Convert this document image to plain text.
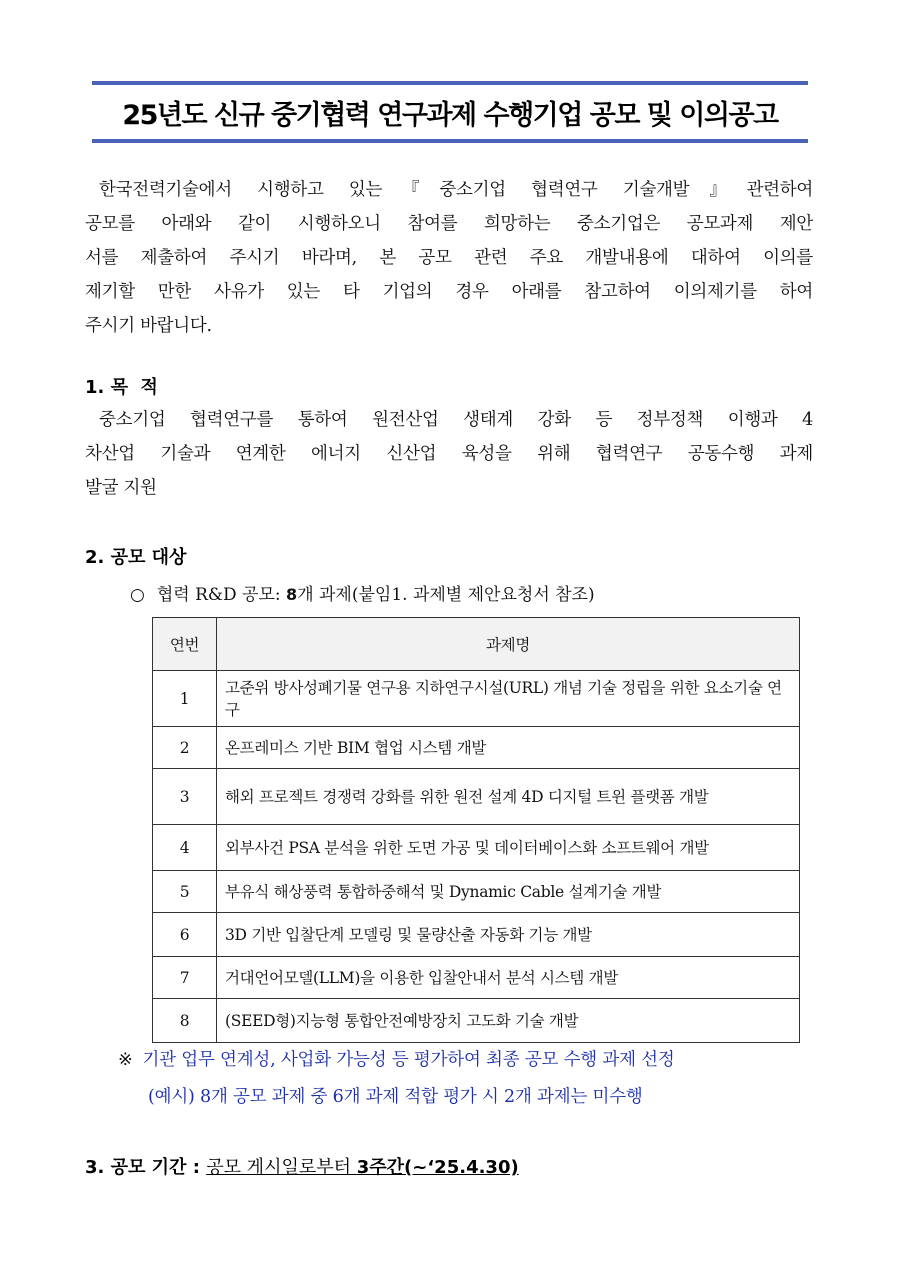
25년도 신규 중기협력 연구과제 수행기업 공모 및 이의공고
한국전력기술에서 시행하고 있는『중소기업 협력연구 기술개발』관련하여
공모를 아래와 같이 시행하오니 참여를 희망하는 중소기업은 공모과제 제안
서를 제출하여 주시기 바라며, 본 공모 관련 주요 개발내용에 대하여 이의를
제기할 만한 사유가 있는 타 기업의 경우 아래를 참고하여 이의제기를 하여
주시기 바랍니다.
1. 목  적
중소기업 협력연구를 통하여 원전산업 생태계 강화 등 정부정책 이행과 4
차산업 기술과 연계한 에너지 신산업 육성을 위해 협력연구 공동수행 과제
발굴 지원
2. 공모 대상
○ 협력 R&D 공모: 8개 과제(붙임1. 과제별 제안요청서 참조)
연번	과제명
1	고준위 방사성폐기물 연구용 지하연구시설(URL) 개념 기술 정립을 위한 요소기술 연구
2	온프레미스 기반 BIM 협업 시스템 개발
3	해외 프로젝트 경쟁력 강화를 위한 원전 설계 4D 디지털 트윈 플랫폼 개발
4	외부사건 PSA 분석을 위한 도면 가공 및 데이터베이스화 소프트웨어 개발
5	부유식 해상풍력 통합하중해석 및 Dynamic Cable 설계기술 개발
6	3D 기반 입찰단계 모델링 및 물량산출 자동화 기능 개발
7	거대언어모델(LLM)을 이용한 입찰안내서 분석 시스템 개발
8	(SEED형)지능형 통합안전예방장치 고도화 기술 개발
※ 기관 업무 연계성, 사업화 가능성 등 평가하여 최종 공모 수행 과제 선정
(예시) 8개 공모 과제 중 6개 과제 적합 평가 시 2개 과제는 미수행
3. 공모 기간 : 공모 게시일로부터 3주간(~‘25.4.30)
